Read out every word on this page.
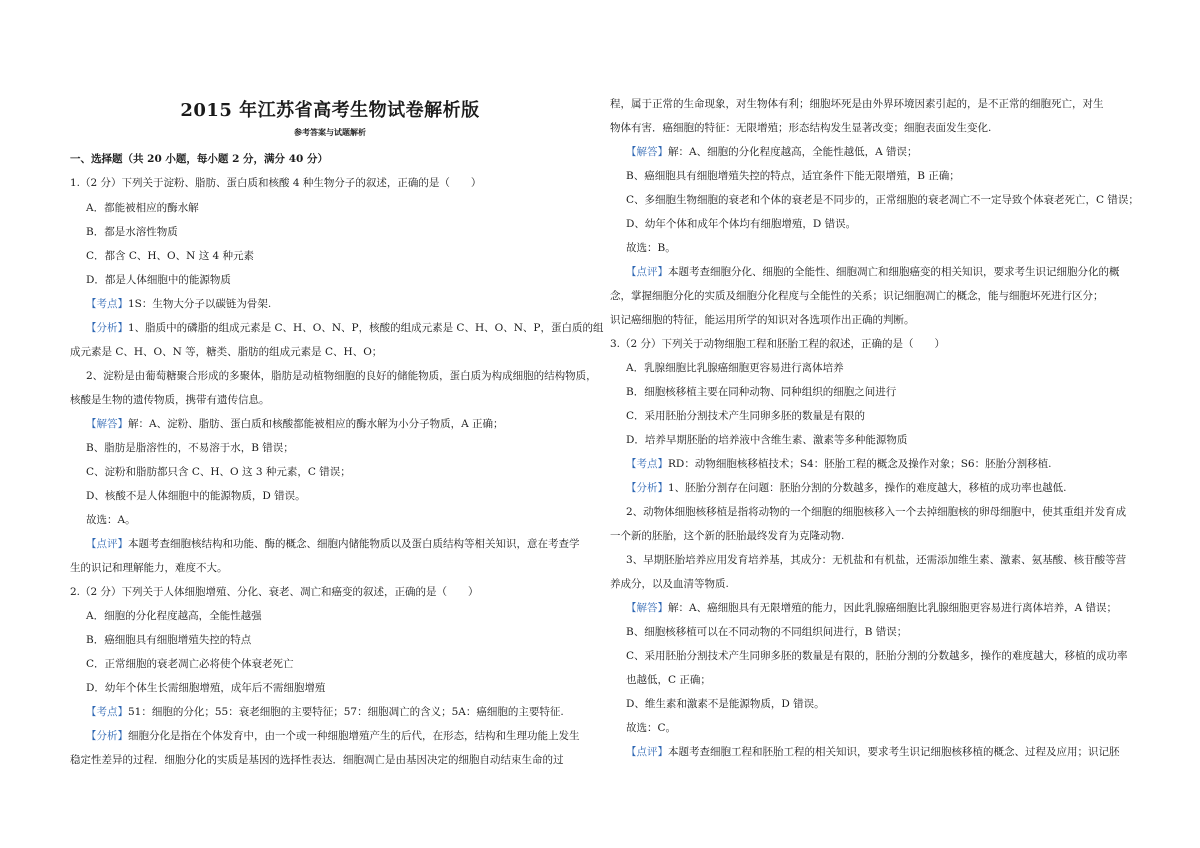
2015 年江苏省高考生物试卷解析版
参考答案与试题解析
一、选择题（共 20 小题，每小题 2 分，满分 40 分）
1.（2 分）下列关于淀粉、脂肪、蛋白质和核酸 4 种生物分子的叙述，正确的是（　　）
A．都能被相应的酶水解
B．都是水溶性物质
C．都含 C、H、O、N 这 4 种元素
D．都是人体细胞中的能源物质
【考点】1S：生物大分子以碳链为骨架.
【分析】1、脂质中的磷脂的组成元素是 C、H、O、N、P，核酸的组成元素是 C、H、O、N、P，蛋白质的组
成元素是 C、H、O、N 等，糖类、脂肪的组成元素是 C、H、O；
2、淀粉是由葡萄糖聚合形成的多聚体，脂肪是动植物细胞的良好的储能物质，蛋白质为构成细胞的结构物质，
核酸是生物的遗传物质，携带有遗传信息。
【解答】解：A、淀粉、脂肪、蛋白质和核酸都能被相应的酶水解为小分子物质，A 正确；
B、脂肪是脂溶性的，不易溶于水，B 错误；
C、淀粉和脂肪都只含 C、H、O 这 3 种元素，C 错误；
D、核酸不是人体细胞中的能源物质，D 错误。
故选：A。
【点评】本题考查细胞核结构和功能、酶的概念、细胞内储能物质以及蛋白质结构等相关知识，意在考查学
生的识记和理解能力，难度不大。
2.（2 分）下列关于人体细胞增殖、分化、衰老、凋亡和癌变的叙述，正确的是（　　）
A．细胞的分化程度越高，全能性越强
B．癌细胞具有细胞增殖失控的特点
C．正常细胞的衰老凋亡必将使个体衰老死亡
D．幼年个体生长需细胞增殖，成年后不需细胞增殖
【考点】51：细胞的分化；55：衰老细胞的主要特征；57：细胞凋亡的含义；5A：癌细胞的主要特征.
【分析】细胞分化是指在个体发育中，由一个或一种细胞增殖产生的后代，在形态，结构和生理功能上发生
稳定性差异的过程．细胞分化的实质是基因的选择性表达．细胞凋亡是由基因决定的细胞自动结束生命的过
程，属于正常的生命现象，对生物体有利；细胞坏死是由外界环境因素引起的，是不正常的细胞死亡，对生
物体有害．癌细胞的特征：无限增殖；形态结构发生显著改变；细胞表面发生变化.
【解答】解：A、细胞的分化程度越高，全能性越低，A 错误；
B、癌细胞具有细胞增殖失控的特点，适宜条件下能无限增殖，B 正确；
C、多细胞生物细胞的衰老和个体的衰老是不同步的，正常细胞的衰老凋亡不一定导致个体衰老死亡，C 错误；
D、幼年个体和成年个体均有细胞增殖，D 错误。
故选：B。
【点评】本题考查细胞分化、细胞的全能性、细胞凋亡和细胞癌变的相关知识，要求考生识记细胞分化的概
念，掌握细胞分化的实质及细胞分化程度与全能性的关系；识记细胞凋亡的概念，能与细胞坏死进行区分；
识记癌细胞的特征，能运用所学的知识对各选项作出正确的判断。
3.（2 分）下列关于动物细胞工程和胚胎工程的叙述，正确的是（　　）
A．乳腺细胞比乳腺癌细胞更容易进行离体培养
B．细胞核移植主要在同种动物、同种组织的细胞之间进行
C．采用胚胎分割技术产生同卵多胚的数量是有限的
D．培养早期胚胎的培养液中含维生素、激素等多种能源物质
【考点】RD：动物细胞核移植技术；S4：胚胎工程的概念及操作对象；S6：胚胎分割移植.
【分析】1、胚胎分割存在问题：胚胎分割的分数越多，操作的难度越大，移植的成功率也越低.
2、动物体细胞核移植是指将动物的一个细胞的细胞核移入一个去掉细胞核的卵母细胞中，使其重组并发育成
一个新的胚胎，这个新的胚胎最终发育为克隆动物.
3、早期胚胎培养应用发育培养基，其成分：无机盐和有机盐，还需添加维生素、激素、氨基酸、核苷酸等营
养成分，以及血清等物质.
【解答】解：A、癌细胞具有无限增殖的能力，因此乳腺癌细胞比乳腺细胞更容易进行离体培养，A 错误；
B、细胞核移植可以在不同动物的不同组织间进行，B 错误；
C、采用胚胎分割技术产生同卵多胚的数量是有限的，胚胎分割的分数越多，操作的难度越大，移植的成功率
也越低，C 正确；
D、维生素和激素不是能源物质，D 错误。
故选：C。
【点评】本题考查细胞工程和胚胎工程的相关知识，要求考生识记细胞核移植的概念、过程及应用；识记胚
